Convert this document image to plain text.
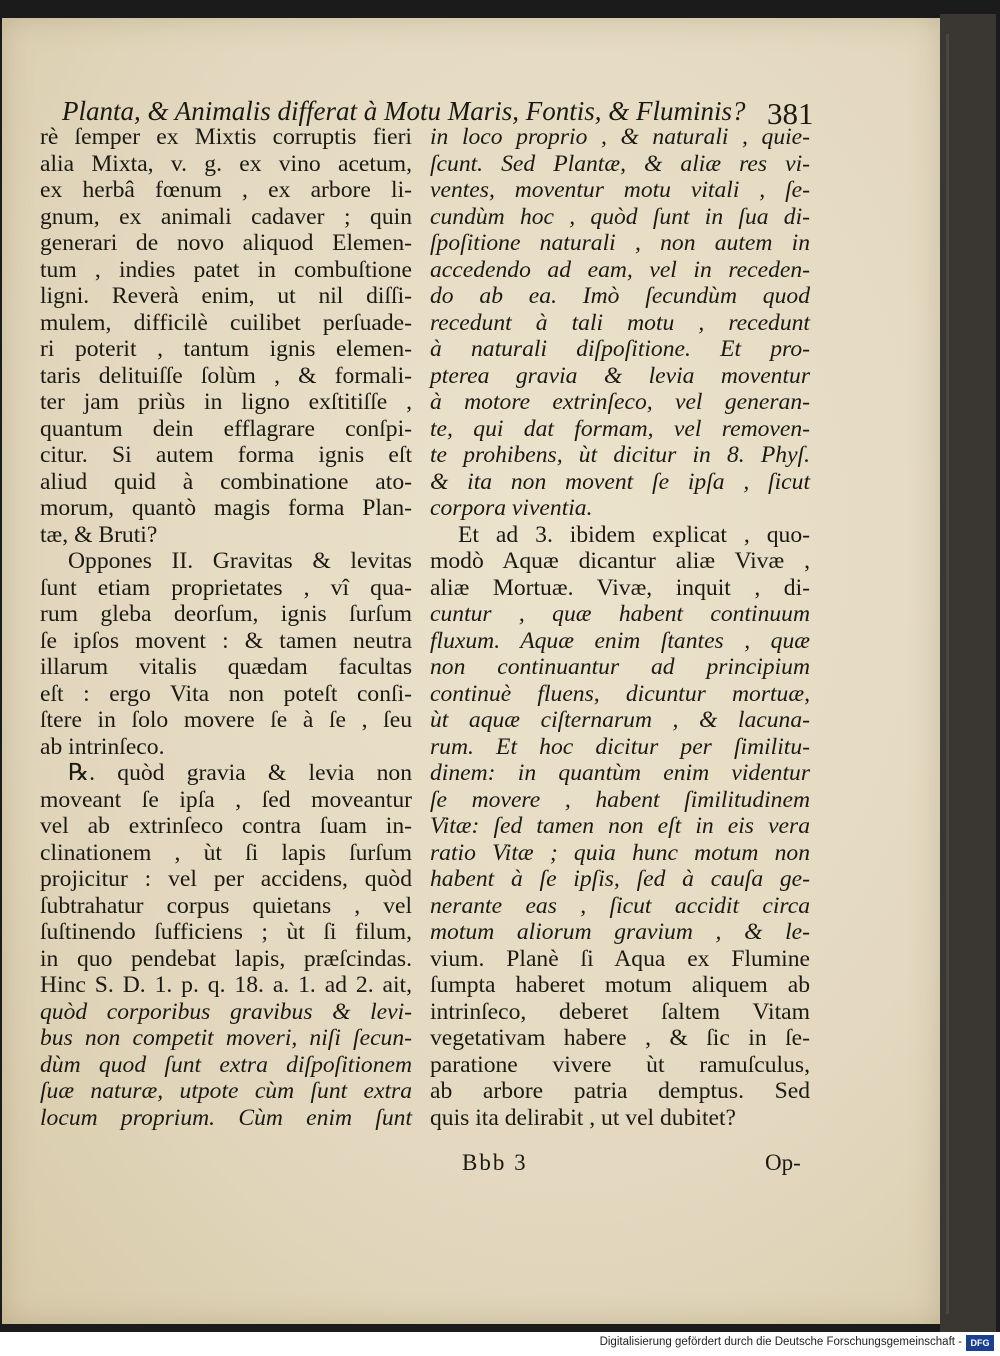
Planta, & Animalis differat à Motu Maris, Fontis, & Fluminis? 381
rè ſemper ex Mixtis corruptis fieri
alia Mixta, v. g. ex vino acetum,
ex herbâ fœnum , ex arbore li-
gnum, ex animali cadaver ; quin
generari de novo aliquod Elemen-
tum , indies patet in combuſtione
ligni. Reverà enim, ut nil diſſi-
mulem, difficilè cuilibet perſuade-
ri poterit , tantum ignis elemen-
taris delituiſſe ſolùm , & formali-
ter jam priùs in ligno exſtitiſſe ,
quantum dein efflagrare conſpi-
citur. Si autem forma ignis eſt
aliud quid à combinatione ato-
morum, quantò magis forma Plan-
tæ, & Bruti?
Oppones II. Gravitas & levitas
ſunt etiam proprietates , vî qua-
rum gleba deorſum, ignis ſurſum
ſe ipſos movent : & tamen neutra
illarum vitalis quædam facultas
eſt : ergo Vita non poteſt conſi-
ſtere in ſolo movere ſe à ſe , ſeu
ab intrinſeco.
℞. quòd gravia & levia non
moveant ſe ipſa , ſed moveantur
vel ab extrinſeco contra ſuam in-
clinationem , ùt ſi lapis ſurſum
projicitur : vel per accidens, quòd
ſubtrahatur corpus quietans , vel
ſuſtinendo ſufficiens ; ùt ſi filum,
in quo pendebat lapis, præſcindas.
Hinc S. D. 1. p. q. 18. a. 1. ad 2. ait,
quòd corporibus gravibus & levi-
bus non competit moveri, niſi ſecun-
dùm quod ſunt extra diſpoſitionem
ſuæ naturæ, utpote cùm ſunt extra
locum proprium. Cùm enim ſunt
in loco proprio , & naturali , quie-
ſcunt. Sed Plantæ, & aliæ res vi-
ventes, moventur motu vitali , ſe-
cundùm hoc , quòd ſunt in ſua di-
ſpoſitione naturali , non autem in
accedendo ad eam, vel in receden-
do ab ea. Imò ſecundùm quod
recedunt à tali motu , recedunt
à naturali diſpoſitione. Et pro-
pterea gravia & levia moventur
à motore extrinſeco, vel generan-
te, qui dat formam, vel removen-
te prohibens, ùt dicitur in 8. Phyſ.
& ita non movent ſe ipſa , ſicut
corpora viventia.
Et ad 3. ibidem explicat , quo-
modò Aquæ dicantur aliæ Vivæ ,
aliæ Mortuæ. Vivæ, inquit , di-
cuntur , quæ habent continuum
fluxum. Aquæ enim ſtantes , quæ
non continuantur ad principium
continuè fluens, dicuntur mortuæ,
ùt aquæ ciſternarum , & lacuna-
rum. Et hoc dicitur per ſimilitu-
dinem: in quantùm enim videntur
ſe movere , habent ſimilitudinem
Vitæ: ſed tamen non eſt in eis vera
ratio Vitæ ; quia hunc motum non
habent à ſe ipſis, ſed à cauſa ge-
nerante eas , ſicut accidit circa
motum aliorum gravium , & le-
vium. Planè ſi Aqua ex Flumine
ſumpta haberet motum aliquem ab
intrinſeco, deberet ſaltem Vitam
vegetativam habere , & ſic in ſe-
paratione vivere ùt ramuſculus,
ab arbore patria demptus. Sed
quis ita delirabit , ut vel dubitet?
Bbb 3	Op-
Digitalisierung gefördert durch die Deutsche Forschungsgemeinschaft - DFG
